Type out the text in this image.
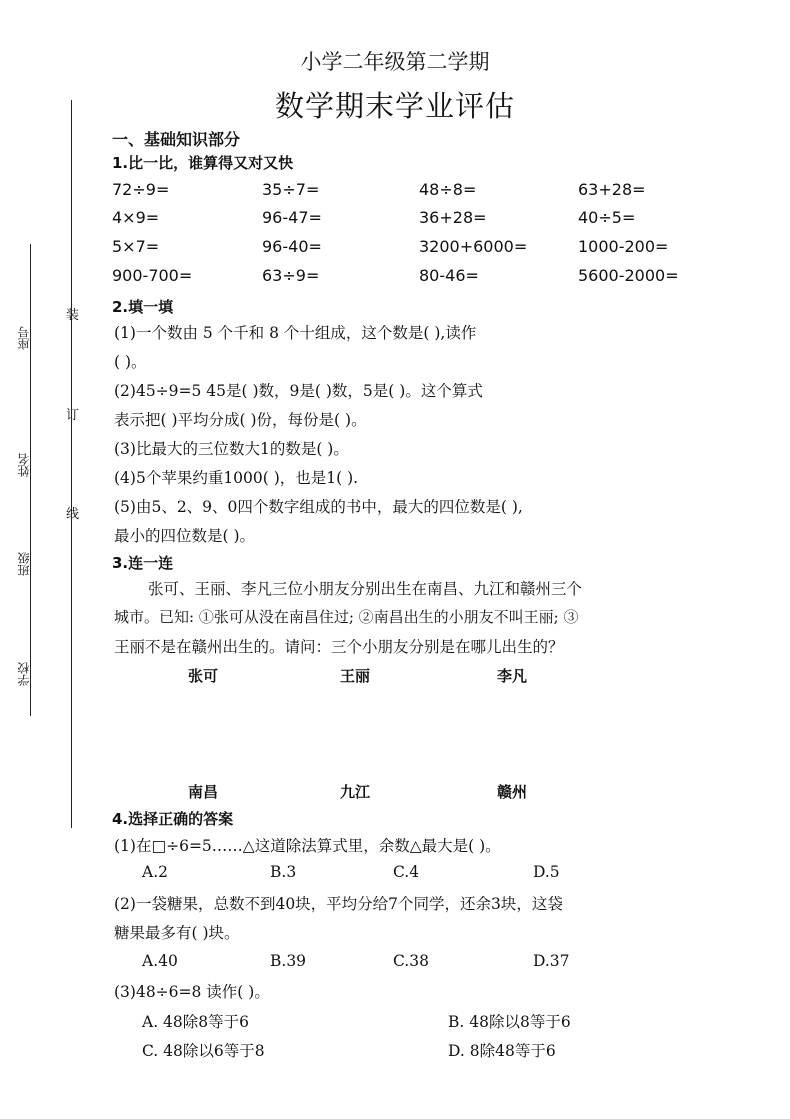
小学二年级第二学期
数学期末学业评估
装
订
线
座号
姓名
班级
学校
一、基础知识部分
1.比一比，谁算得又对又快
72÷9=	35÷7=	48÷8=	63+28=
4×9=	96-47=	36+28=	40÷5=
5×7=	96-40=	3200+6000=	1000-200=
900-700=	63÷9=	80-46=	5600-2000=
2.填一填
(1)一个数由 5 个千和 8 个十组成，这个数是( ),读作
( )。
(2)45÷9=5 45是( )数，9是( )数，5是( )。这个算式
表示把( )平均分成( )份，每份是( )。
(3)比最大的三位数大1的数是( )。
(4)5个苹果约重1000( )，也是1( ).
(5)由5、2、9、0四个数字组成的书中，最大的四位数是( ),
最小的四位数是( )。
3.连一连
张可、王丽、李凡三位小朋友分别出生在南昌、九江和赣州三个
城市。已知: ①张可从没在南昌住过; ②南昌出生的小朋友不叫王丽; ③
王丽不是在赣州出生的。请问：三个小朋友分别是在哪儿出生的？
张可	王丽	李凡
南昌	九江	赣州
4.选择正确的答案
(1)在□÷6=5……△这道除法算式里，余数△最大是( )。
A.2	B.3	C.4	D.5
(2)一袋糖果，总数不到40块，平均分给7个同学，还余3块，这袋
糖果最多有( )块。
A.40	B.39	C.38	D.37
(3)48÷6=8 读作( )。
A. 48除8等于6	B. 48除以8等于6
C. 48除以6等于8	D. 8除48等于6
